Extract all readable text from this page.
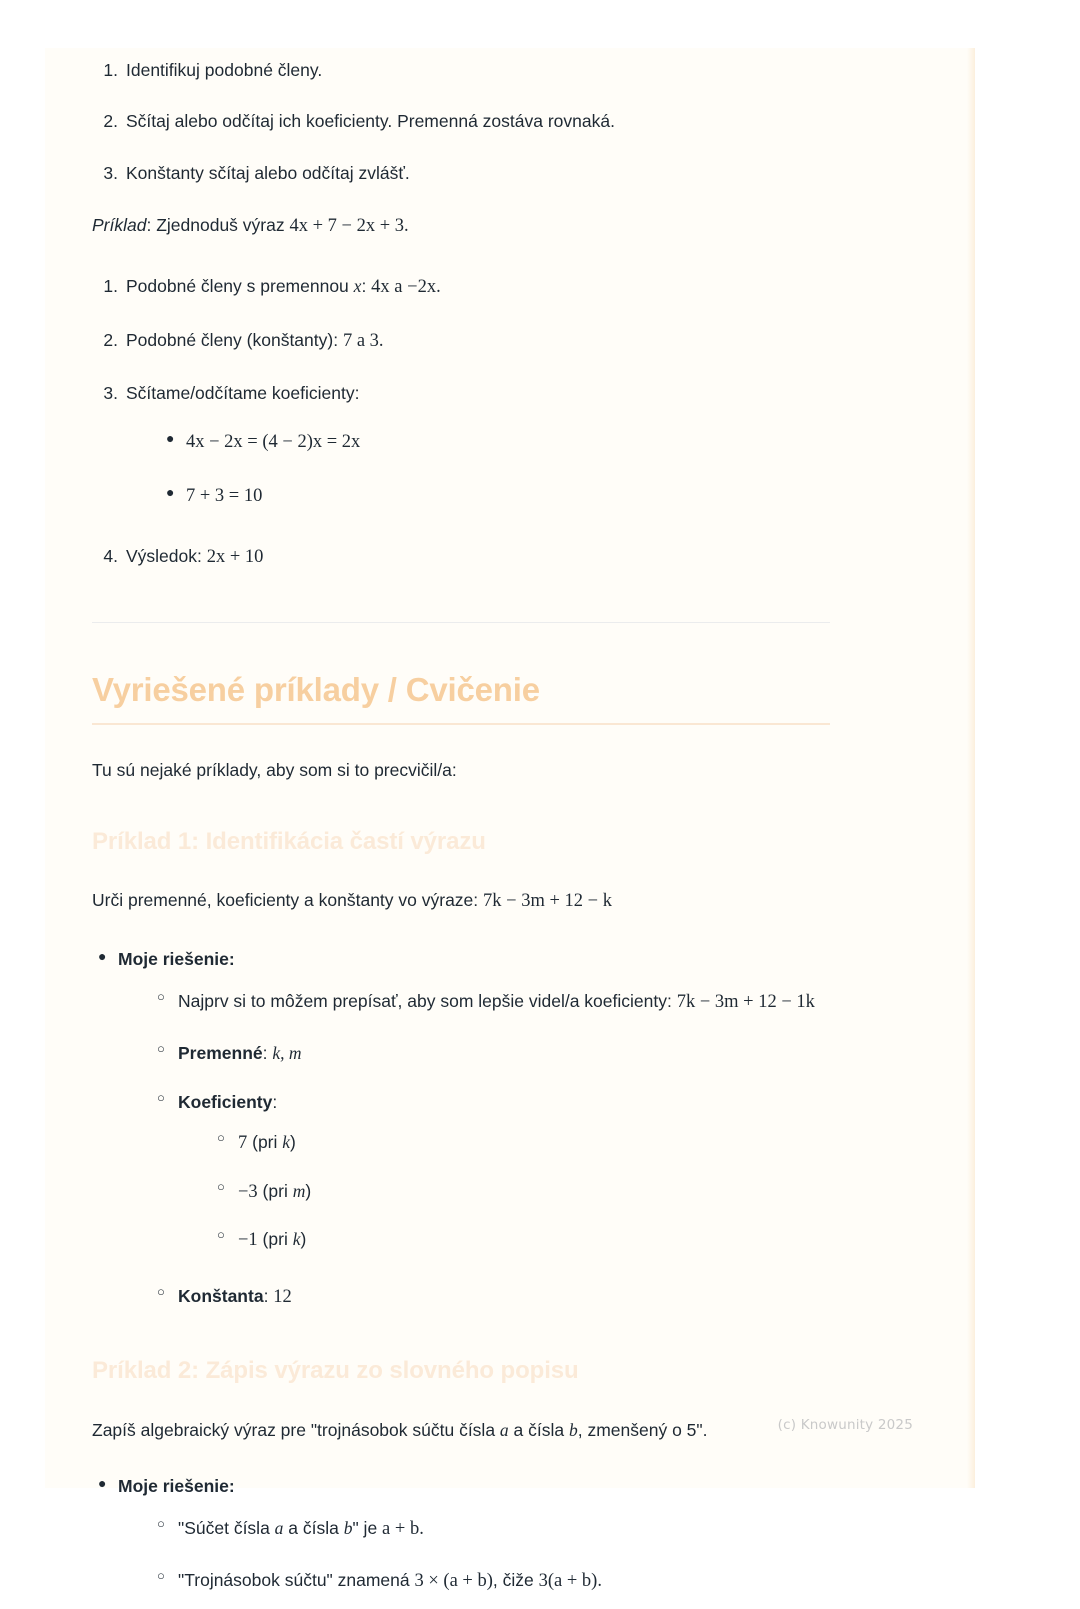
1. Identifikuj podobné členy.
2. Sčítaj alebo odčítaj ich koeficienty. Premenná zostáva rovnaká.
3. Konštanty sčítaj alebo odčítaj zvlášť.

Príklad: Zjednoduš výraz 4x + 7 − 2x + 3.

1. Podobné členy s premennou x: 4x a −2x.
2. Podobné členy (konštanty): 7 a 3.
3. Sčítame/odčítame koeficienty:
● 4x − 2x = (4 − 2)x = 2x
● 7 + 3 = 10
4. Výsledok: 2x + 10
Vyriešené príklady / Cvičenie

Tu sú nejaké príklady, aby som si to precvičil/a:

Príklad 1: Identifikácia častí výrazu

Urči premenné, koeficienty a konštanty vo výraze: 7k − 3m + 12 − k

● Moje riešenie:
○ Najprv si to môžem prepísať, aby som lepšie videl/a koeficienty: 7k − 3m + 12 − 1k
○ Premenné: k, m
○ Koeficienty:
○ 7 (pri k)
○ −3 (pri m)
○ −1 (pri k)
○ Konštanta: 12
Príklad 2: Zápis výrazu zo slovného popisu

Zapíš algebraický výraz pre "trojnásobok súčtu čísla a a čísla b, zmenšený o 5".

● Moje riešenie:
○ "Súčet čísla a a čísla b" je a + b.
○ "Trojnásobok súčtu" znamená 3 × (a + b), čiže 3(a + b).
(c) Knowunity 2025
